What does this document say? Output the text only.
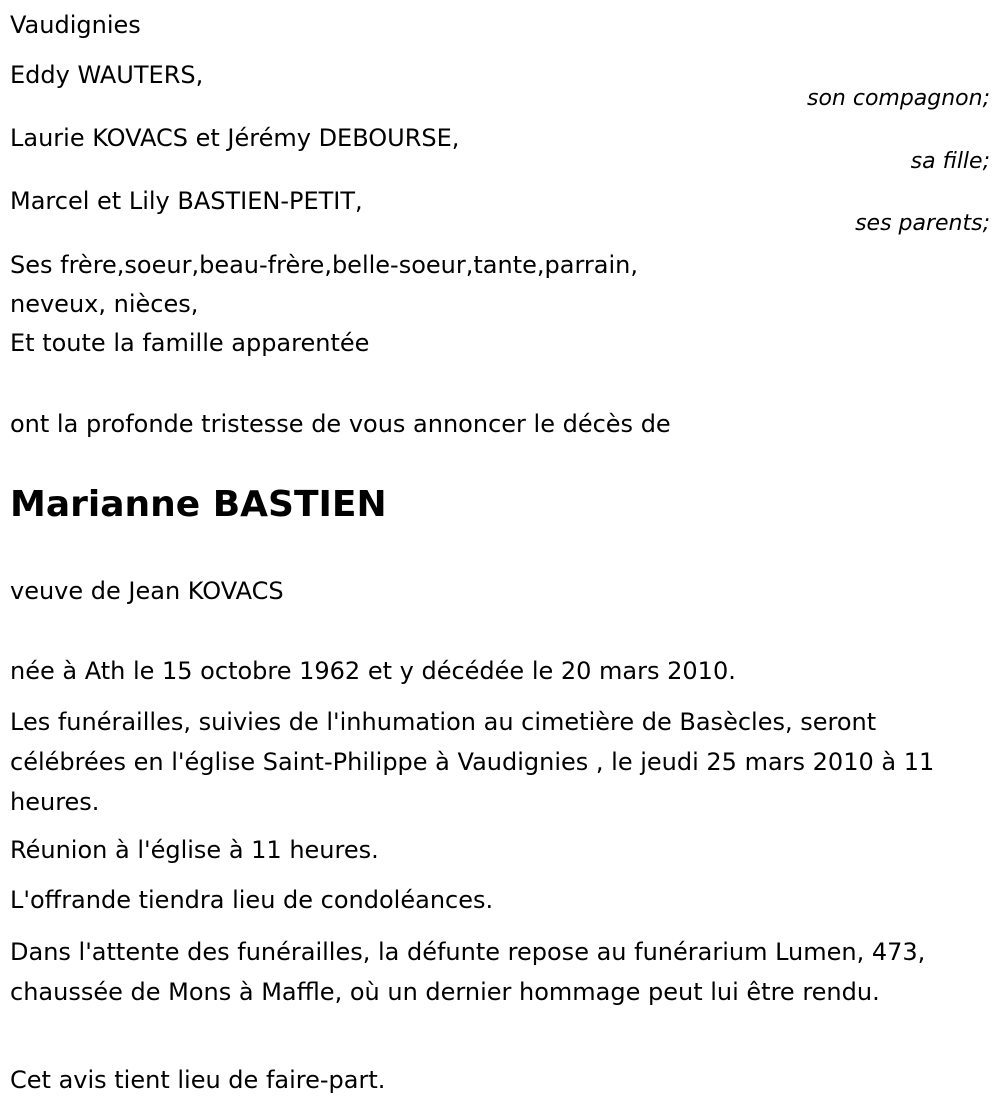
Vaudignies
Eddy WAUTERS,
son compagnon;
Laurie KOVACS et Jérémy DEBOURSE,
sa fille;
Marcel et Lily BASTIEN-PETIT,
ses parents;
Ses frère,soeur,beau-frère,belle-soeur,tante,parrain,
neveux, nièces,
Et toute la famille apparentée
ont la profonde tristesse de vous annoncer le décès de
Marianne BASTIEN
veuve de Jean KOVACS
née à Ath le 15 octobre 1962 et y décédée le 20 mars 2010.
Les funérailles, suivies de l'inhumation au cimetière de Basècles, seront célébrées en l'église Saint-Philippe à Vaudignies , le jeudi 25 mars 2010 à 11 heures.
Réunion à l'église à 11 heures.
L'offrande tiendra lieu de condoléances.
Dans l'attente des funérailles, la défunte repose au funérarium Lumen, 473, chaussée de Mons à Maffle, où un dernier hommage peut lui être rendu.
Cet avis tient lieu de faire-part.
